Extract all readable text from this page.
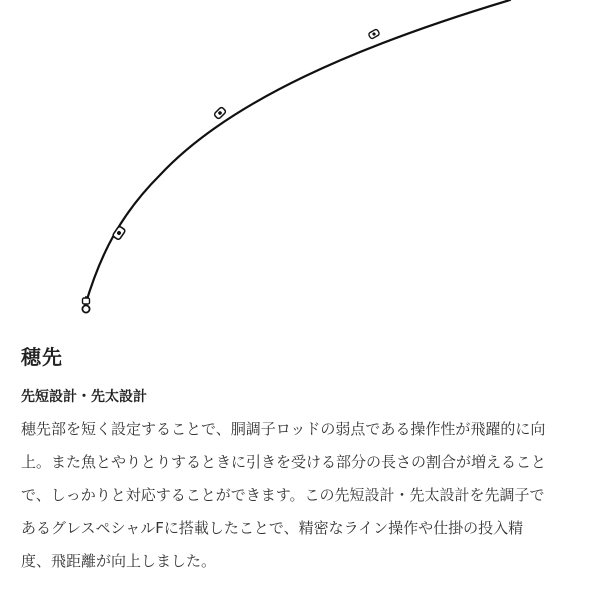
穂先
先短設計・先太設計

穂先部を短く設定することで、胴調子ロッドの弱点である操作性が飛躍的に向
上。また魚とやりとりするときに引きを受ける部分の長さの割合が増えること
で、しっかりと対応することができます。この先短設計・先太設計を先調子で
あるグレスペシャルFに搭載したことで、精密なライン操作や仕掛の投入精
度、飛距離が向上しました。
